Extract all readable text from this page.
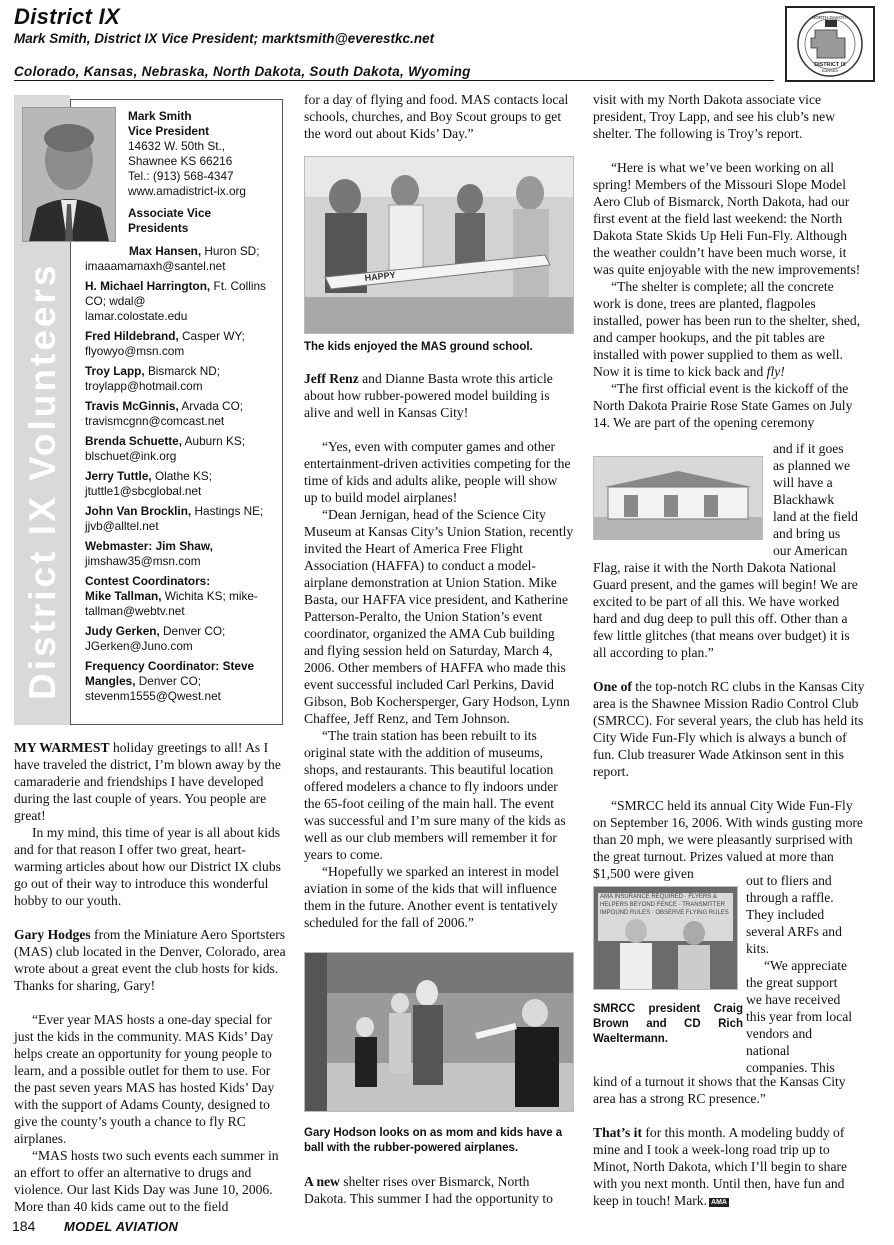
District IX
Mark Smith, District IX Vice President; marktsmith@everestkc.net
Colorado, Kansas, Nebraska, North Dakota, South Dakota, Wyoming
NORTH DAKOTA
DISTRICT IX
KANSAS
District IX Volunteers
Mark Smith
Vice President
14632 W. 50th St.,
Shawnee KS 66216
Tel.: (913) 568-4347
www.amadistrict-ix.org
Associate Vice Presidents
Max Hansen, Huron SD;
imaaamamaxh@santel.net
H. Michael Harrington, Ft. Collins CO; wdal@
lamar.colostate.edu
Fred Hildebrand, Casper WY;
flyowyo@msn.com
Troy Lapp, Bismarck ND;
troylapp@hotmail.com
Travis McGinnis, Arvada CO;
travismcgnn@comcast.net
Brenda Schuette, Auburn KS;
blschuet@ink.org
Jerry Tuttle, Olathe KS;
jtuttle1@sbcglobal.net
John Van Brocklin, Hastings NE;
jjvb@alltel.net
Webmaster: Jim Shaw,
jimshaw35@msn.com
Contest Coordinators:
Mike Tallman, Wichita KS; mike-
tallman@webtv.net
Judy Gerken, Denver CO;
JGerken@Juno.com
Frequency Coordinator: Steve Mangles, Denver CO;
stevenm1555@Qwest.net

MY WARMEST holiday greetings to all! As I have traveled the district, I’m blown away by the camaraderie and friendships I have developed during the last couple of years. You people are great!

In my mind, this time of year is all about kids and for that reason I offer two great, heart-warming articles about how our District IX clubs go out of their way to introduce this wonderful hobby to our youth.

Gary Hodges from the Miniature Aero Sportsters (MAS) club located in the Denver, Colorado, area wrote about a great event the club hosts for kids. Thanks for sharing, Gary!

“Ever year MAS hosts a one-day special for just the kids in the community. MAS Kids’ Day helps create an opportunity for young people to learn, and a possible outlet for them to use. For the past seven years MAS has hosted Kids’ Day with the support of Adams County, designed to give the county’s youth a chance to fly RC airplanes.

“MAS hosts two such events each summer in an effort to offer an alternative to drugs and violence. Our last Kids Day was June 10, 2006. More than 40 kids came out to the field

for a day of flying and food. MAS contacts local schools, churches, and Boy Scout groups to get the word out about Kids’ Day.”

HAPPY
The kids enjoyed the MAS ground school.

Jeff Renz and Dianne Basta wrote this article about how rubber-powered model building is alive and well in Kansas City!

“Yes, even with computer games and other entertainment-driven activities competing for the time of kids and adults alike, people will show up to build model airplanes!

“Dean Jernigan, head of the Science City Museum at Kansas City’s Union Station, recently invited the Heart of America Free Flight Association (HAFFA) to conduct a model-airplane demonstration at Union Station. Mike Basta, our HAFFA vice president, and Katherine Patterson-Peralto, the Union Station’s event coordinator, organized the AMA Cub building and flying session held on Saturday, March 4, 2006. Other members of HAFFA who made this event successful included Carl Perkins, David Gibson, Bob Kochersperger, Gary Hodson, Lynn Chaffee, Jeff Renz, and Tem Johnson.

“The train station has been rebuilt to its original state with the addition of museums, shops, and restaurants. This beautiful location offered modelers a chance to fly indoors under the 65-foot ceiling of the main hall. The event was successful and I’m sure many of the kids as well as our club members will remember it for years to come.

“Hopefully we sparked an interest in model aviation in some of the kids that will influence them in the future. Another event is tentatively scheduled for the fall of 2006.”

Gary Hodson looks on as mom and kids have a ball with the rubber-powered airplanes.

A new shelter rises over Bismarck, North Dakota. This summer I had the opportunity to

visit with my North Dakota associate vice president, Troy Lapp, and see his club’s new shelter. The following is Troy’s report.

“Here is what we’ve been working on all spring! Members of the Missouri Slope Model Aero Club of Bismarck, North Dakota, had our first event at the field last weekend: the North Dakota State Skids Up Heli Fun-Fly. Although the weather couldn’t have been much worse, it was quite enjoyable with the new improvements!

“The shelter is complete; all the concrete work is done, trees are planted, flagpoles installed, power has been run to the shelter, shed, and camper hookups, and the pit tables are installed with power supplied to them as well. Now it is time to kick back and fly!

“The first official event is the kickoff of the North Dakota Prairie Rose State Games on July 14. We are part of the opening ceremony

and if it goes
as planned we
will have a
Blackhawk
land at the field
and bring us
our American

Flag, raise it with the North Dakota National Guard present, and the games will begin! We are excited to be part of all this. We have worked hard and dug deep to pull this off. Other than a few little glitches (that means over budget) it is all according to plan.”

One of the top-notch RC clubs in the Kansas City area is the Shawnee Mission Radio Control Club (SMRCC). For several years, the club has held its City Wide Fun-Fly which is always a bunch of fun. Club treasurer Wade Atkinson sent in this report.

“SMRCC held its annual City Wide Fun-Fly on September 16, 2006. With winds gusting more than 20 mph, we were pleasantly surprised with the great turnout. Prizes valued at more than $1,500 were given

AMA INSURANCE REQUIRED · FLYERS & HELPERS BEYOND FENCE · TRANSMITTER IMPOUND RULES · OBSERVE FLYING RULES
SMRCC president Craig Brown and CD Rich Waeltermann.
out to fliers and
through a raffle.
They included
several ARFs and
kits.
“We appreciate
the great support
we have received
this year from local
vendors and
national
companies. This

kind of a turnout it shows that the Kansas City area has a strong RC presence.”

That’s it for this month. A modeling buddy of mine and I took a week-long road trip up to Minot, North Dakota, which I’ll begin to share with you next month. Until then, have fun and keep in touch! Mark. AMA

184 MODEL AVIATION
